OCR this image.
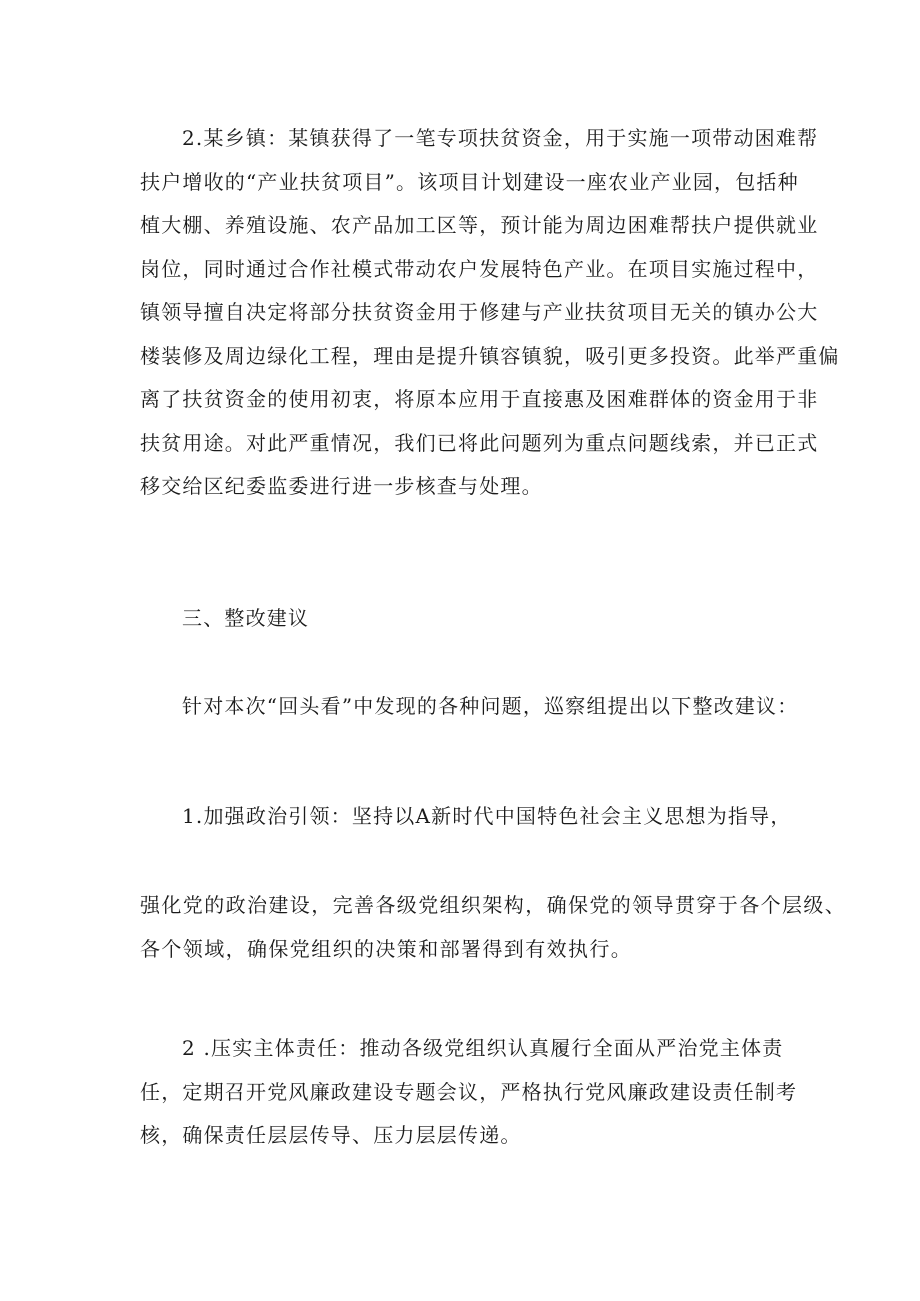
2.某乡镇：某镇获得了一笔专项扶贫资金，用于实施一项带动困难帮
扶户增收的“产业扶贫项目”。该项目计划建设一座农业产业园，包括种
植大棚、养殖设施、农产品加工区等，预计能为周边困难帮扶户提供就业
岗位，同时通过合作社模式带动农户发展特色产业。在项目实施过程中，
镇领导擅自决定将部分扶贫资金用于修建与产业扶贫项目无关的镇办公大
楼装修及周边绿化工程，理由是提升镇容镇貌，吸引更多投资。此举严重偏
离了扶贫资金的使用初衷，将原本应用于直接惠及困难群体的资金用于非
扶贫用途。对此严重情况，我们已将此问题列为重点问题线索，并已正式
移交给区纪委监委进行进一步核查与处理。

三、整改建议

针对本次“回头看”中发现的各种问题，巡察组提出以下整改建议：

1.加强政治引领：坚持以A新时代中国特色社会主义思想为指导，

强化党的政治建设，完善各级党组织架构，确保党的领导贯穿于各个层级、
各个领域，确保党组织的决策和部署得到有效执行。

2 .压实主体责任：推动各级党组织认真履行全面从严治党主体责
任，定期召开党风廉政建设专题会议，严格执行党风廉政建设责任制考
核，确保责任层层传导、压力层层传递。
